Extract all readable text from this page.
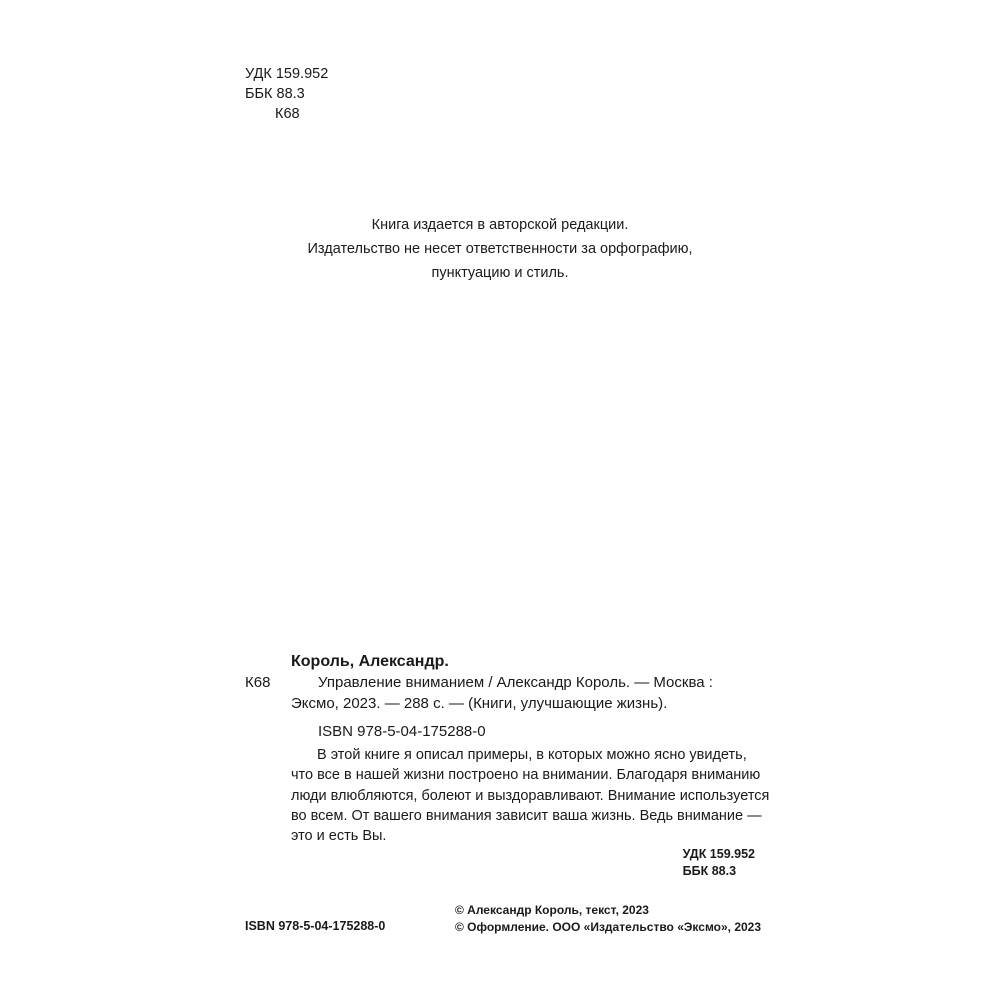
УДК 159.952
ББК 88.3
К68
Книга издается в авторской редакции.
Издательство не несет ответственности за орфографию,
пунктуацию и стиль.
Король, Александр.
К68	Управление вниманием / Александр Король. — Москва :
Эксмо, 2023. — 288 с. — (Книги, улучшающие жизнь).
ISBN 978-5-04-175288-0
В этой книге я описал примеры, в которых можно ясно увидеть,
что все в нашей жизни построено на внимании. Благодаря вниманию
люди влюбляются, болеют и выздоравливают. Внимание используется
во всем. От вашего внимания зависит ваша жизнь. Ведь внимание —
это и есть Вы.
УДК 159.952
ББК 88.3
ISBN 978-5-04-175288-0
© Александр Король, текст, 2023
© Оформление. ООО «Издательство «Эксмо», 2023
